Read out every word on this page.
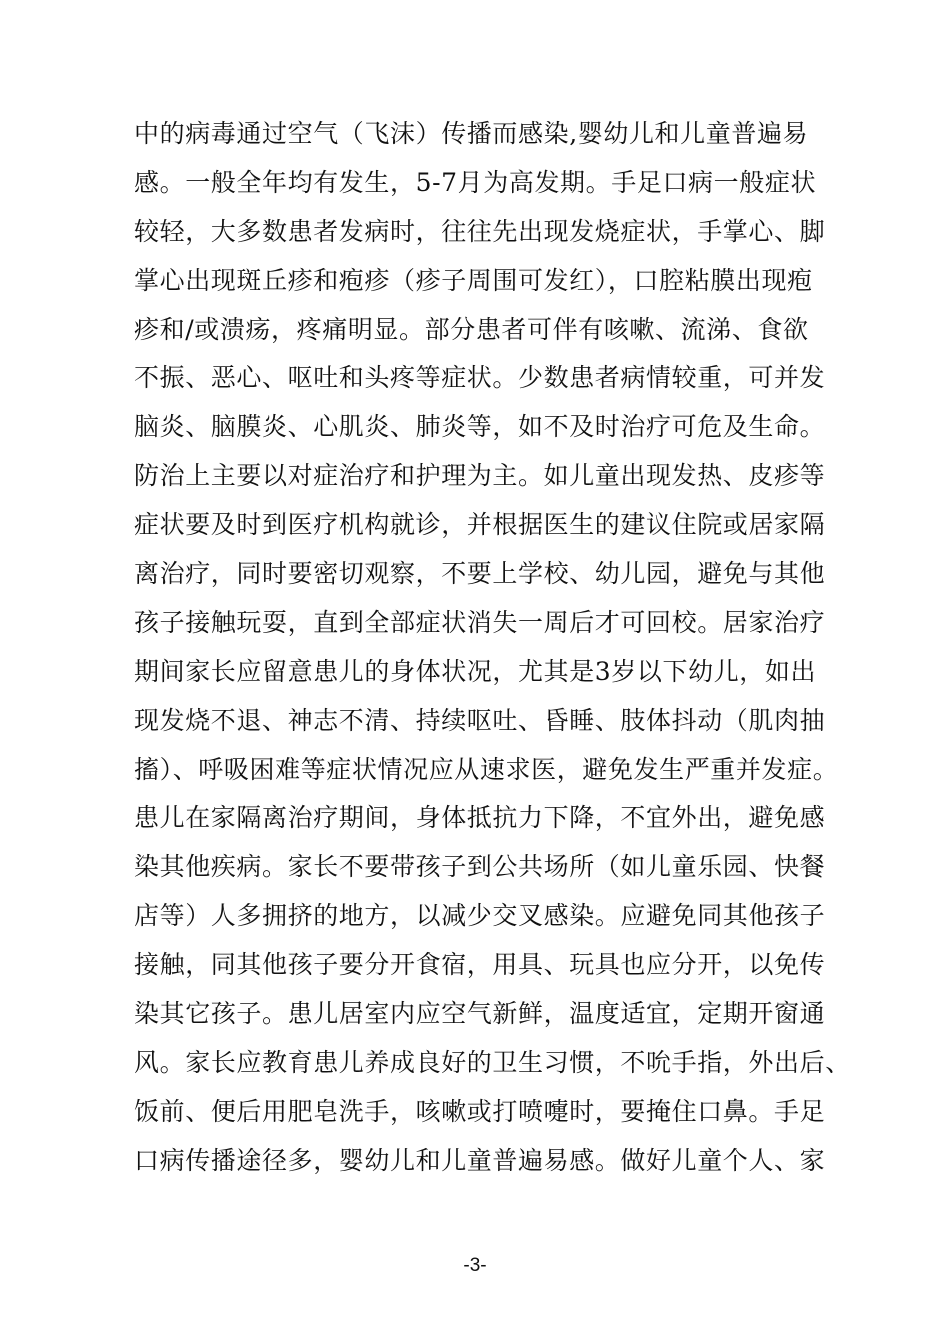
中的病毒通过空气（飞沫）传播而感染,婴幼儿和儿童普遍易
感。一般全年均有发生，5-7月为高发期。手足口病一般症状
较轻，大多数患者发病时，往往先出现发烧症状，手掌心、脚
掌心出现斑丘疹和疱疹（疹子周围可发红），口腔粘膜出现疱
疹和/或溃疡，疼痛明显。部分患者可伴有咳嗽、流涕、食欲
不振、恶心、呕吐和头疼等症状。少数患者病情较重，可并发
脑炎、脑膜炎、心肌炎、肺炎等，如不及时治疗可危及生命。
防治上主要以对症治疗和护理为主。如儿童出现发热、皮疹等
症状要及时到医疗机构就诊，并根据医生的建议住院或居家隔
离治疗，同时要密切观察，不要上学校、幼儿园，避免与其他
孩子接触玩耍，直到全部症状消失一周后才可回校。居家治疗
期间家长应留意患儿的身体状况，尤其是3岁以下幼儿，如出
现发烧不退、神志不清、持续呕吐、昏睡、肢体抖动（肌肉抽
搐）、呼吸困难等症状情况应从速求医，避免发生严重并发症。
患儿在家隔离治疗期间，身体抵抗力下降，不宜外出，避免感
染其他疾病。家长不要带孩子到公共场所（如儿童乐园、快餐
店等）人多拥挤的地方，以减少交叉感染。应避免同其他孩子
接触，同其他孩子要分开食宿，用具、玩具也应分开，以免传
染其它孩子。患儿居室内应空气新鲜，温度适宜，定期开窗通
风。家长应教育患儿养成良好的卫生习惯，不吮手指，外出后、
饭前、便后用肥皂洗手，咳嗽或打喷嚏时，要掩住口鼻。手足
口病传播途径多，婴幼儿和儿童普遍易感。做好儿童个人、家
-3-
